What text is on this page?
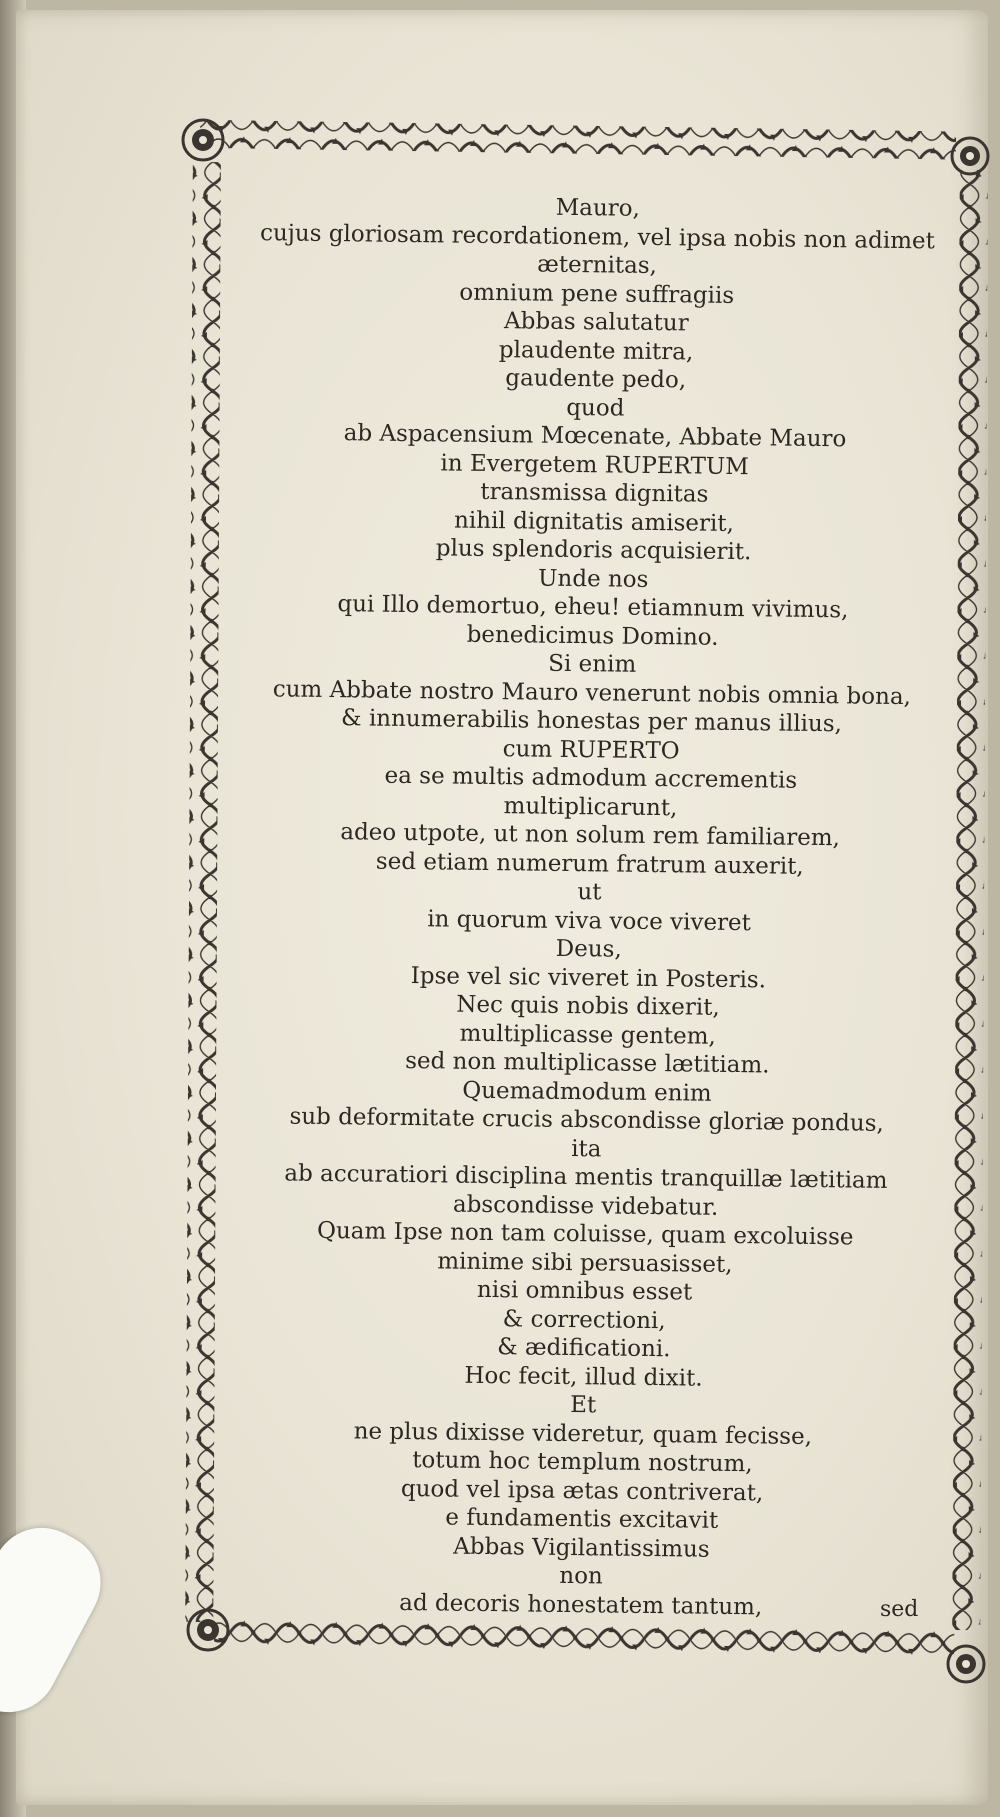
Mauro,
cujus gloriosam recordationem, vel ipsa nobis non adimet
æternitas,
omnium pene suffragiis
Abbas salutatur
plaudente mitra,
gaudente pedo,
quod
ab Aspacensium Mœcenate, Abbate Mauro
in Evergetem RUPERTUM
transmissa dignitas
nihil dignitatis amiserit,
plus splendoris acquisierit.
Unde nos
qui Illo demortuo, eheu! etiamnum vivimus,
benedicimus Domino.
Si enim
cum Abbate nostro Mauro venerunt nobis omnia bona,
& innumerabilis honestas per manus illius,
cum RUPERTO
ea se multis admodum accrementis
multiplicarunt,
adeo utpote, ut non solum rem familiarem,
sed etiam numerum fratrum auxerit,
ut
in quorum viva voce viveret
Deus,
Ipse vel sic viveret in Posteris.
Nec quis nobis dixerit,
multiplicasse gentem,
sed non multiplicasse lætitiam.
Quemadmodum enim
sub deformitate crucis abscondisse gloriæ pondus,
ita
ab accuratiori disciplina mentis tranquillæ lætitiam
abscondisse videbatur.
Quam Ipse non tam coluisse, quam excoluisse
minime sibi persuasisset,
nisi omnibus esset
& correctioni,
& ædificationi.
Hoc fecit, illud dixit.
Et
ne plus dixisse videretur, quam fecisse,
totum hoc templum nostrum,
quod vel ipsa ætas contriverat,
e fundamentis excitavit
Abbas Vigilantissimus
non
ad decoris honestatem tantum,	sed
